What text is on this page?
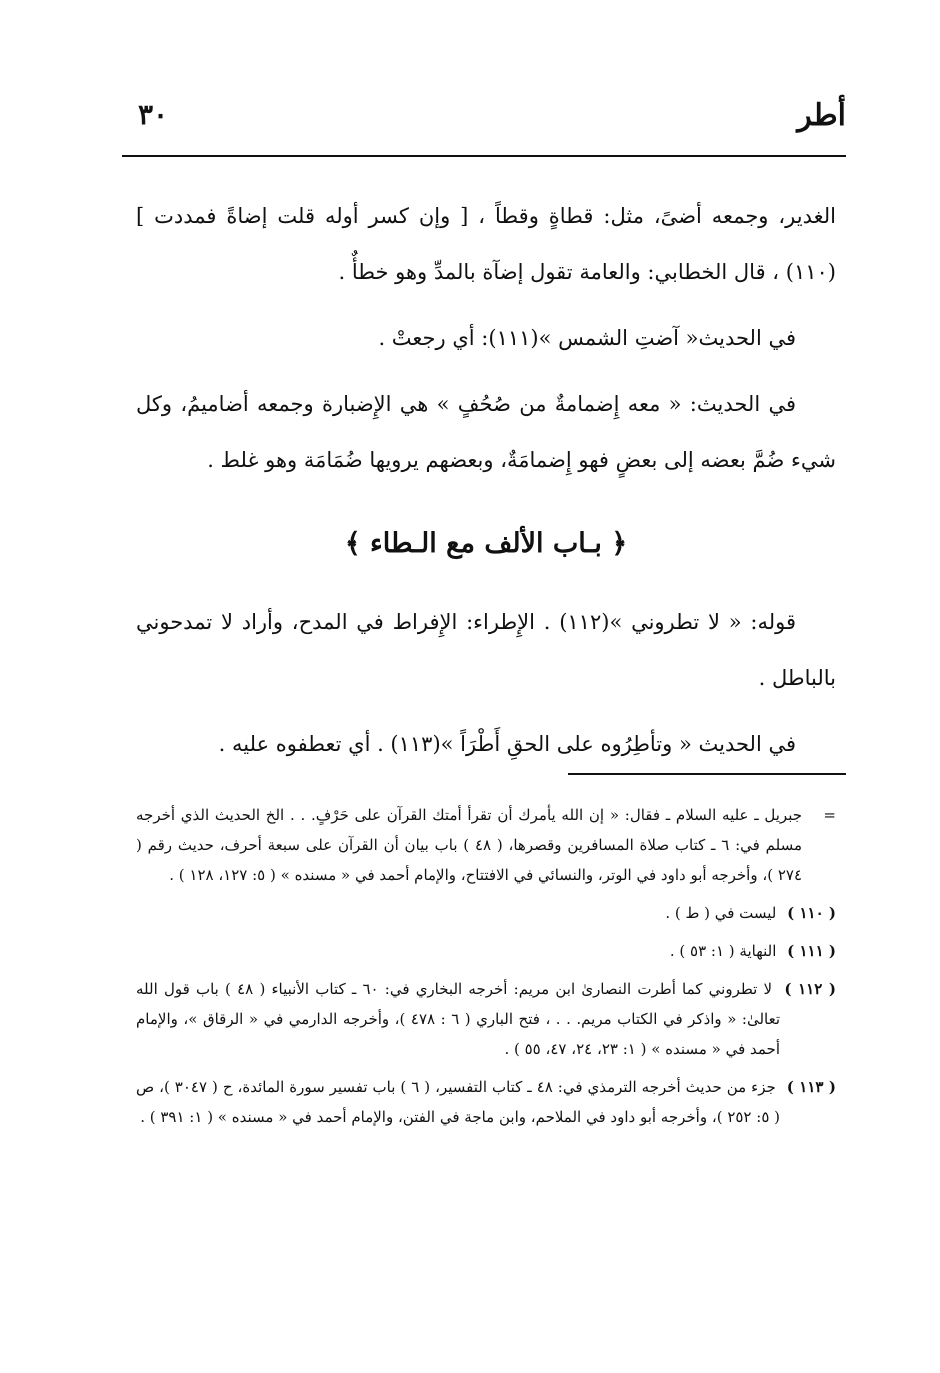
أطر
٣٠

الغدير، وجمعه أضىً، مثل: قطاةٍ وقطاً ، [ وإن كسر أوله قلت إضاةً فمددت ](١١٠) ، قال الخطابي: والعامة تقول إضآة بالمدِّ وهو خطأٌ .

في الحديث« آضتِ الشمس »(١١١): أي رجعتْ .

في الحديث: « معه إِضمامةٌ من صُحُفٍ » هي الإِضبارة وجمعه أضاميمُ، وكل شيء ضُمَّ بعضه إلى بعضٍ فهو إِضمامَةٌ، وبعضهم يرويها ضُمَامَة وهو غلط .

﴿ بـاب الألف مع الـطاء ﴾

قوله: « لا تطروني »(١١٢) . الإِطراء: الإِفراط في المدح، وأراد لا تمدحوني بالباطل .

في الحديث « وتأطِرُوه على الحقِ أَطْرَاً »(١١٣) . أي تعطفوه عليه .

=
جبريل ـ عليه السلام ـ فقال: « إن الله يأمرك أن تقرأ أمتك القرآن على حَرْفٍ. . . الخ الحديث الذي أخرجه مسلم في: ٦ ـ كتاب صلاة المسافرين وقصرها، ( ٤٨ ) باب بيان أن القرآن على سبعة أحرف، حديث رقم ( ٢٧٤ )، وأخرجه أبو داود في الوتر، والنسائي في الافتتاح، والإمام أحمد في « مسنده » ( ٥: ١٢٧، ١٢٨ ) .

( ١١٠ ) ليست في ( ط ) .

( ١١١ ) النهاية ( ١: ٥٣ ) .

( ١١٢ ) لا تطروني كما أطرت النصارىٰ ابن مريم: أخرجه البخاري في: ٦٠ ـ كتاب الأنبياء ( ٤٨ ) باب قول الله تعالىٰ: « واذكر في الكتاب مريم. . . ، فتح الباري ( ٦ : ٤٧٨ )، وأخرجه الدارمي في « الرقاق »، والإمام أحمد في « مسنده » ( ١: ٢٣، ٢٤، ٤٧، ٥٥ ) .

( ١١٣ ) جزء من حديث أخرجه الترمذي في: ٤٨ ـ كتاب التفسير، ( ٦ ) باب تفسير سورة المائدة، ح ( ٣٠٤٧ )، ص ( ٥: ٢٥٢ )، وأخرجه أبو داود في الملاحم، وابن ماجة في الفتن، والإمام أحمد في « مسنده » ( ١: ٣٩١ ) .
